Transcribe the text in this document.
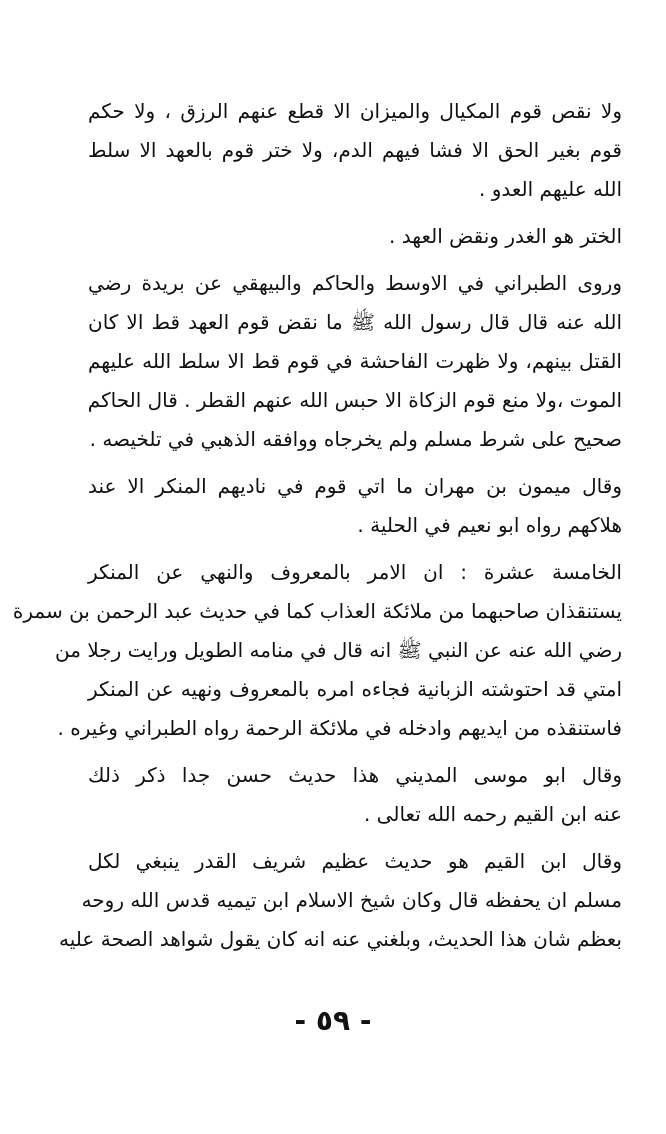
ولا نقص قوم المكيال والميزان الا قطع عنهم الرزق ، ولا حكم
قوم بغير الحق الا فشا فيهم الدم، ولا ختر قوم بالعهد الا سلط
الله عليهم العدو .
الختر هو الغدر ونقض العهد .
وروى الطبراني في الاوسط والحاكم والبيهقي عن بريدة رضي
الله عنه قال قال رسول الله ﷺ ما نقض قوم العهد قط الا كان
القتل بينهم، ولا ظهرت الفاحشة في قوم قط الا سلط الله عليهم
الموت ،ولا منع قوم الزكاة الا حبس الله عنهم القطر . قال الحاكم
صحيح على شرط مسلم ولم يخرجاه ووافقه الذهبي في تلخيصه .
وقال ميمون بن مهران ما اتي قوم في ناديهم المنكر الا عند
هلاكهم رواه ابو نعيم في الحلية .
الخامسة عشرة : ان الامر بالمعروف والنهي عن المنكر
يستنقذان صاحبهما من ملائكة العذاب كما في حديث عبد الرحمن بن سمرة
رضي الله عنه عن النبي ﷺ انه قال في منامه الطويل ورايت رجلا من
امتي قد احتوشته الزبانية فجاءه امره بالمعروف ونهيه عن المنكر
فاستنقذه من ايديهم وادخله في ملائكة الرحمة رواه الطبراني وغيره .
وقال ابو موسى المديني هذا حديث حسن جدا ذكر ذلك
عنه ابن القيم رحمه الله تعالى .
وقال ابن القيم هو حديث عظيم شريف القدر ينبغي لكل
مسلم ان يحفظه قال وكان شيخ الاسلام ابن تيميه قدس الله روحه
بعظم شان هذا الحديث، وبلغني عنه انه كان يقول شواهد الصحة عليه
- ٥٩ -
